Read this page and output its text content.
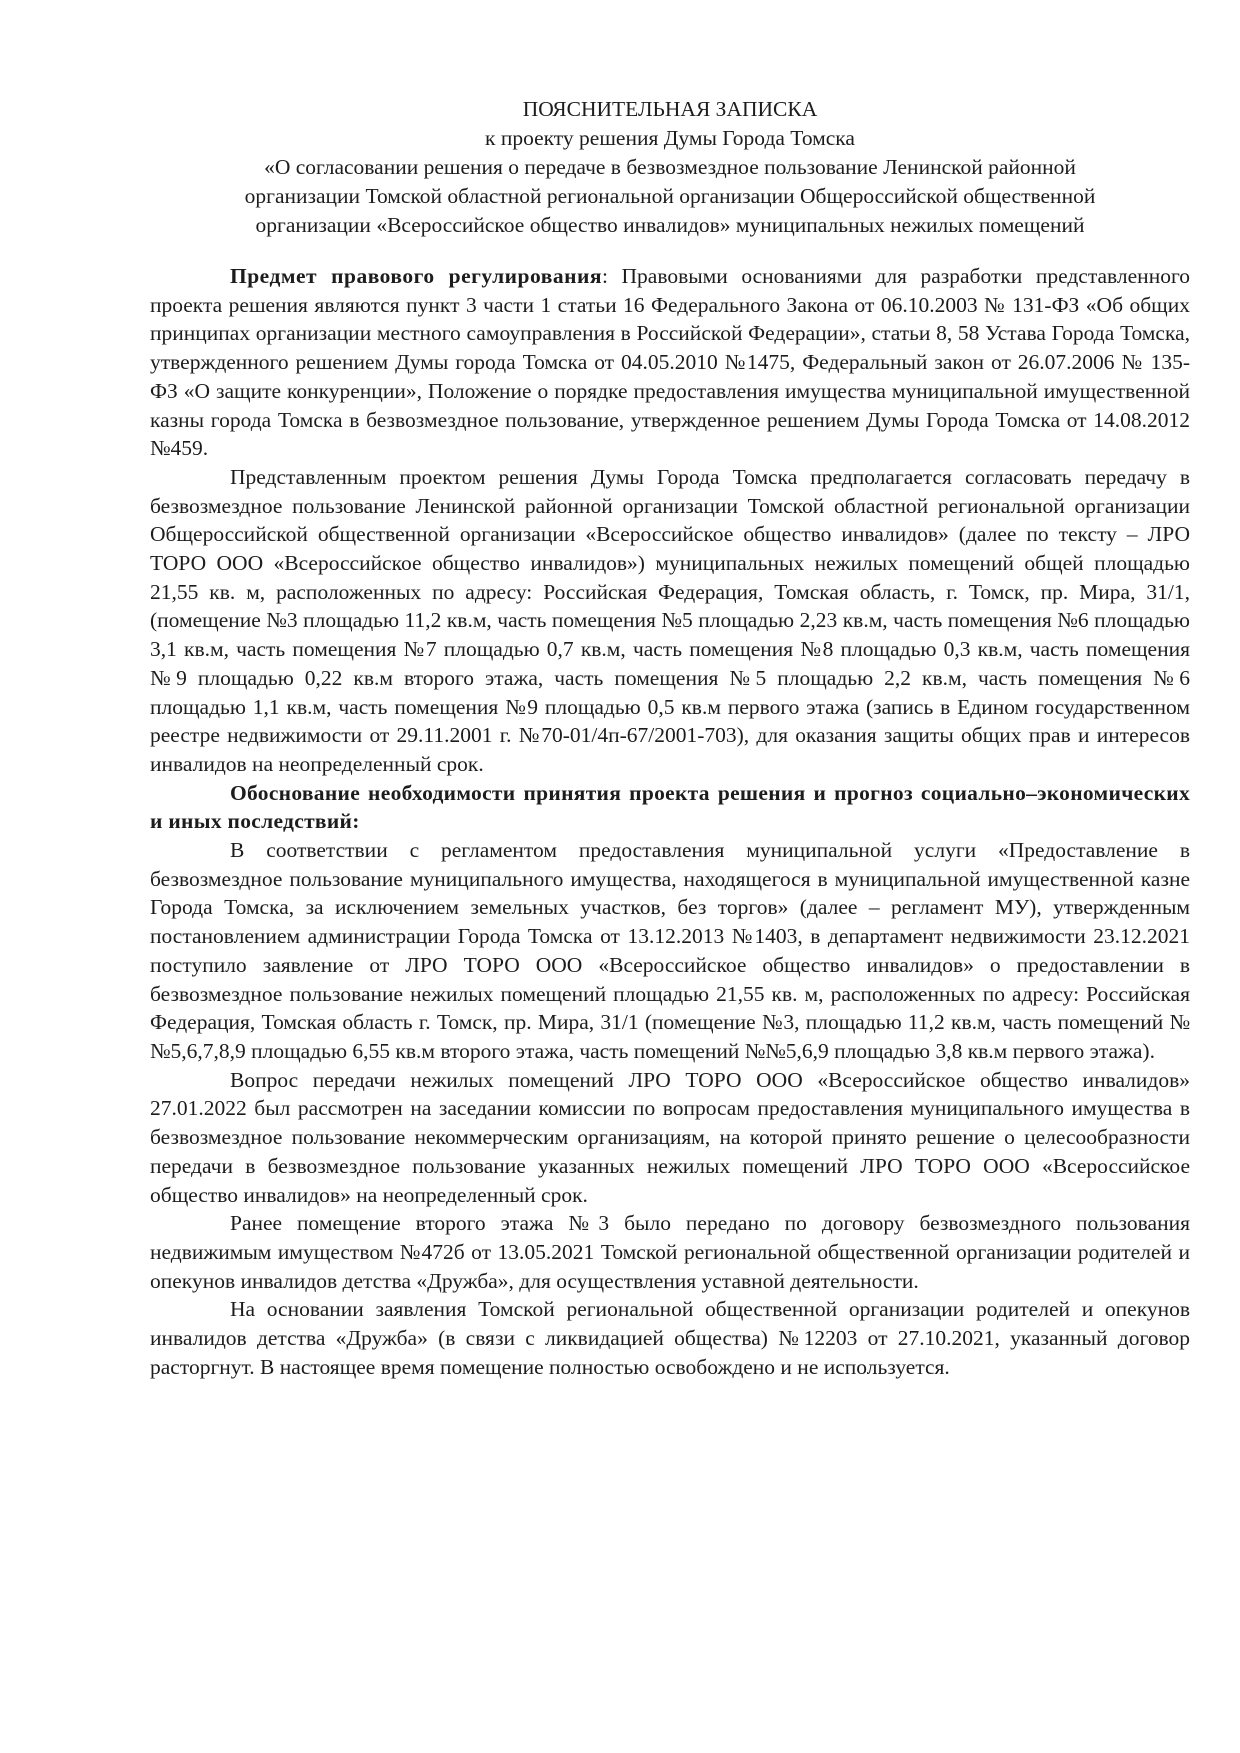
ПОЯСНИТЕЛЬНАЯ ЗАПИСКА
к проекту решения Думы Города Томска
«О согласовании решения о передаче в безвозмездное пользование Ленинской районной
организации Томской областной региональной организации Общероссийской общественной
организации «Всероссийское общество инвалидов» муниципальных нежилых помещений

Предмет правового регулирования: Правовыми основаниями для разработки представленного проекта решения являются пункт 3 части 1 статьи 16 Федерального Закона от 06.10.2003 № 131-ФЗ «Об общих принципах организации местного самоуправления в Российской Федерации», статьи 8, 58 Устава Города Томска, утвержденного решением Думы города Томска от 04.05.2010 №1475, Федеральный закон от 26.07.2006 № 135-ФЗ «О защите конкуренции», Положение о порядке предоставления имущества муниципальной имущественной казны города Томска в безвозмездное пользование, утвержденное решением Думы Города Томска от 14.08.2012 №459.

Представленным проектом решения Думы Города Томска предполагается согласовать передачу в безвозмездное пользование Ленинской районной организации Томской областной региональной организации Общероссийской общественной организации «Всероссийское общество инвалидов» (далее по тексту – ЛРО ТОРО ООО «Всероссийское общество инвалидов») муниципальных нежилых помещений общей площадью 21,55 кв. м, расположенных по адресу: Российская Федерация, Томская область, г. Томск, пр. Мира, 31/1, (помещение №3 площадью 11,2 кв.м, часть помещения №5 площадью 2,23 кв.м, часть помещения №6 площадью 3,1 кв.м, часть помещения №7 площадью 0,7 кв.м, часть помещения №8 площадью 0,3 кв.м, часть помещения №9 площадью 0,22 кв.м второго этажа, часть помещения №5 площадью 2,2 кв.м, часть помещения №6 площадью 1,1 кв.м, часть помещения №9 площадью 0,5 кв.м первого этажа (запись в Едином государственном реестре недвижимости от 29.11.2001 г. №70-01/4п-67/2001-703), для оказания защиты общих прав и интересов инвалидов на неопределенный срок.

Обоснование необходимости принятия проекта решения и прогноз социально–экономических и иных последствий:

В соответствии с регламентом предоставления муниципальной услуги «Предоставление в безвозмездное пользование муниципального имущества, находящегося в муниципальной имущественной казне Города Томска, за исключением земельных участков, без торгов» (далее – регламент МУ), утвержденным постановлением администрации Города Томска от 13.12.2013 №1403, в департамент недвижимости 23.12.2021 поступило заявление от ЛРО ТОРО ООО «Всероссийское общество инвалидов» о предоставлении в безвозмездное пользование нежилых помещений площадью 21,55 кв. м, расположенных по адресу: Российская Федерация, Томская область г. Томск, пр. Мира, 31/1 (помещение №3, площадью 11,2 кв.м, часть помещений №№5,6,7,8,9 площадью 6,55 кв.м второго этажа, часть помещений №№5,6,9 площадью 3,8 кв.м первого этажа).

Вопрос передачи нежилых помещений ЛРО ТОРО ООО «Всероссийское общество инвалидов» 27.01.2022 был рассмотрен на заседании комиссии по вопросам предоставления муниципального имущества в безвозмездное пользование некоммерческим организациям, на которой принято решение о целесообразности передачи в безвозмездное пользование указанных нежилых помещений ЛРО ТОРО ООО «Всероссийское общество инвалидов» на неопределенный срок.

Ранее помещение второго этажа №3 было передано по договору безвозмездного пользования недвижимым имуществом №472б от 13.05.2021 Томской региональной общественной организации родителей и опекунов инвалидов детства «Дружба», для осуществления уставной деятельности.

На основании заявления Томской региональной общественной организации родителей и опекунов инвалидов детства «Дружба» (в связи с ликвидацией общества) №12203 от 27.10.2021, указанный договор расторгнут. В настоящее время помещение полностью освобождено и не используется.
